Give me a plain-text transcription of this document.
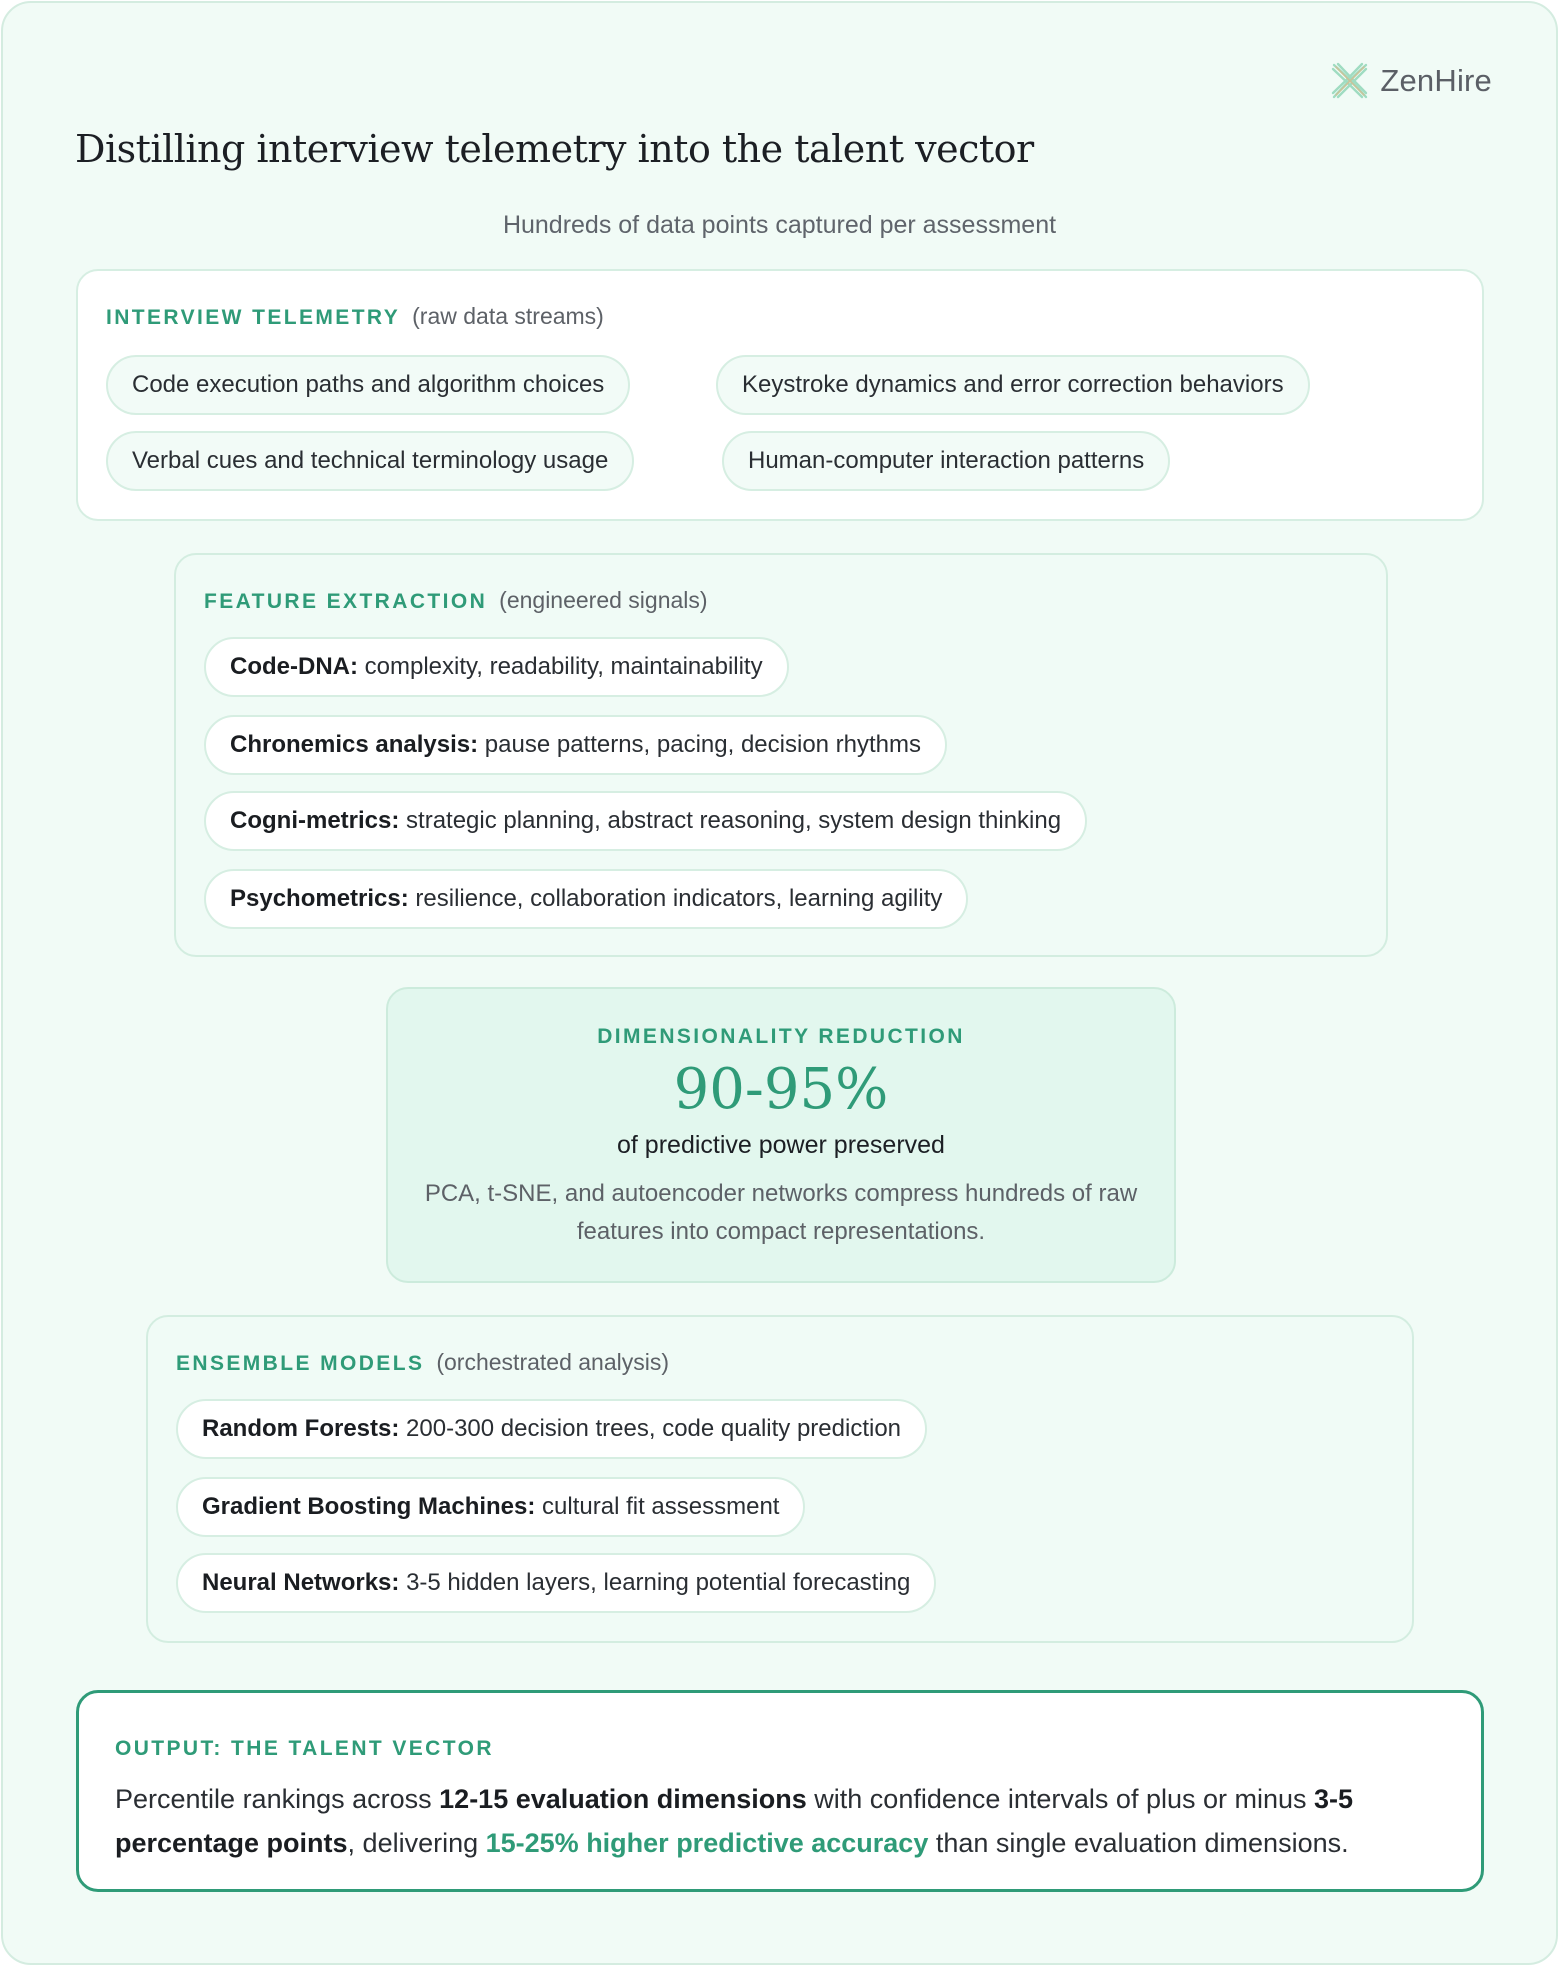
ZenHire
Distilling interview telemetry into the talent vector
Hundreds of data points captured per assessment
INTERVIEW TELEMETRY (raw data streams)
Code execution paths and algorithm choices	Keystroke dynamics and error correction behaviors
Verbal cues and technical terminology usage	Human-computer interaction patterns
FEATURE EXTRACTION (engineered signals)
Code-DNA: complexity, readability, maintainability
Chronemics analysis: pause patterns, pacing, decision rhythms
Cogni-metrics: strategic planning, abstract reasoning, system design thinking
Psychometrics: resilience, collaboration indicators, learning agility
DIMENSIONALITY REDUCTION
90-95%
of predictive power preserved
PCA, t-SNE, and autoencoder networks compress hundreds of raw features into compact representations.
ENSEMBLE MODELS (orchestrated analysis)
Random Forests: 200-300 decision trees, code quality prediction
Gradient Boosting Machines: cultural fit assessment
Neural Networks: 3-5 hidden layers, learning potential forecasting
OUTPUT: THE TALENT VECTOR
Percentile rankings across 12-15 evaluation dimensions with confidence intervals of plus or minus 3-5 percentage points, delivering 15-25% higher predictive accuracy than single evaluation dimensions.
